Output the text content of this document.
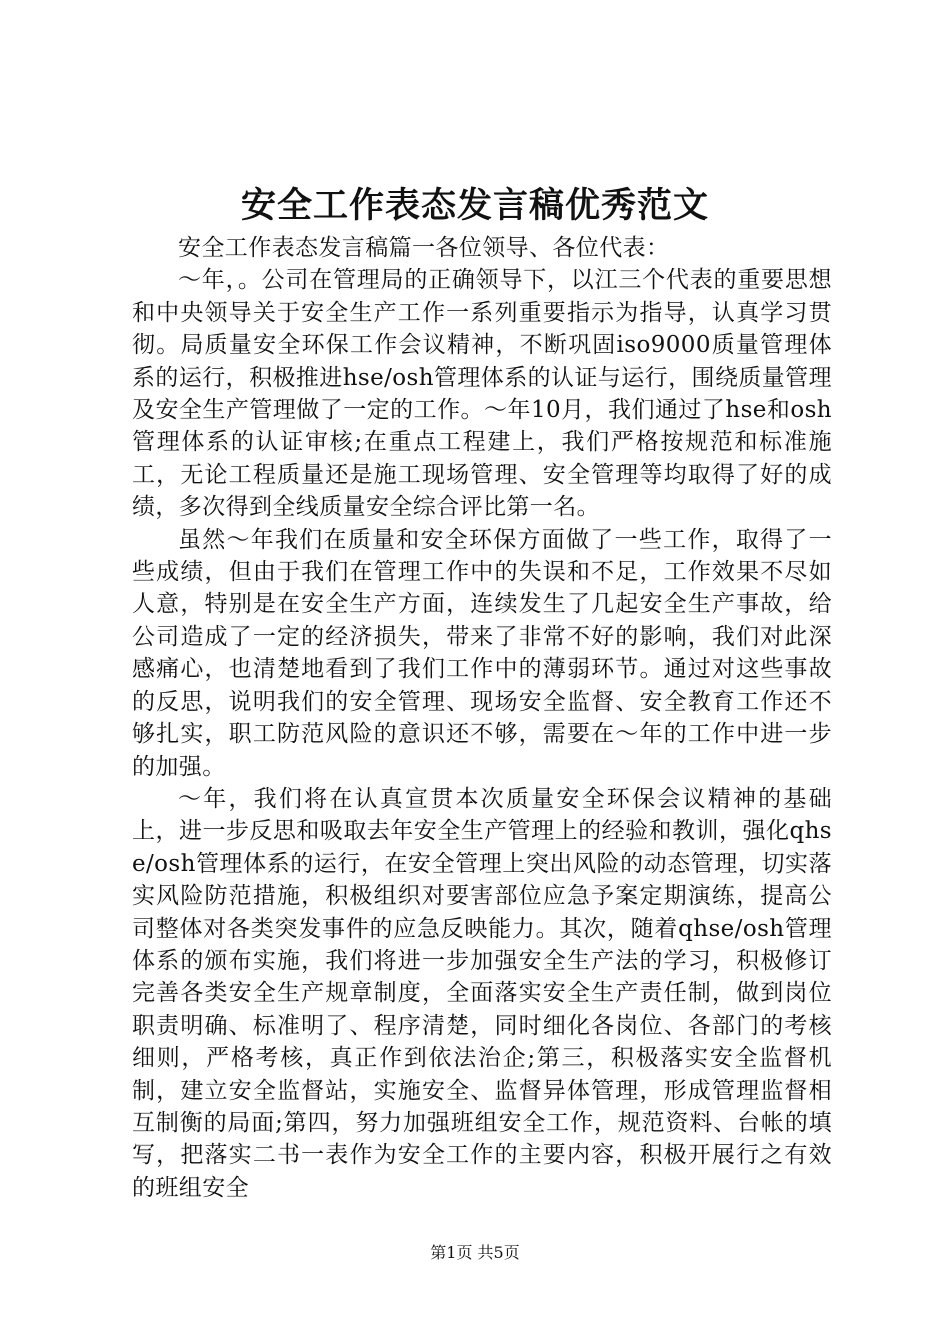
安全工作表态发言稿优秀范文

安全工作表态发言稿篇一各位领导、各位代表：

～年，。公司在管理局的正确领导下，以江三个代表的重要思想和中央领导关于安全生产工作一系列重要指示为指导，认真学习贯彻。局质量安全环保工作会议精神，不断巩固iso9000质量管理体系的运行，积极推进hse/osh管理体系的认证与运行，围绕质量管理及安全生产管理做了一定的工作。～年10月，我们通过了hse和osh管理体系的认证审核;在重点工程建上，我们严格按规范和标准施工，无论工程质量还是施工现场管理、安全管理等均取得了好的成绩，多次得到全线质量安全综合评比第一名。

虽然～年我们在质量和安全环保方面做了一些工作，取得了一些成绩，但由于我们在管理工作中的失误和不足，工作效果不尽如人意，特别是在安全生产方面，连续发生了几起安全生产事故，给公司造成了一定的经济损失，带来了非常不好的影响，我们对此深感痛心，也清楚地看到了我们工作中的薄弱环节。通过对这些事故的反思，说明我们的安全管理、现场安全监督、安全教育工作还不够扎实，职工防范风险的意识还不够，需要在～年的工作中进一步的加强。

～年，我们将在认真宣贯本次质量安全环保会议精神的基础上，进一步反思和吸取去年安全生产管理上的经验和教训，强化qhse/osh管理体系的运行，在安全管理上突出风险的动态管理，切实落实风险防范措施，积极组织对要害部位应急予案定期演练，提高公司整体对各类突发事件的应急反映能力。其次，随着qhse/osh管理体系的颁布实施，我们将进一步加强安全生产法的学习，积极修订完善各类安全生产规章制度，全面落实安全生产责任制，做到岗位职责明确、标准明了、程序清楚，同时细化各岗位、各部门的考核细则，严格考核，真正作到依法治企;第三，积极落实安全监督机制，建立安全监督站，实施安全、监督异体管理，形成管理监督相互制衡的局面;第四，努力加强班组安全工作，规范资料、台帐的填写，把落实二书一表作为安全工作的主要内容，积极开展行之有效的班组安全

第1页 共5页
